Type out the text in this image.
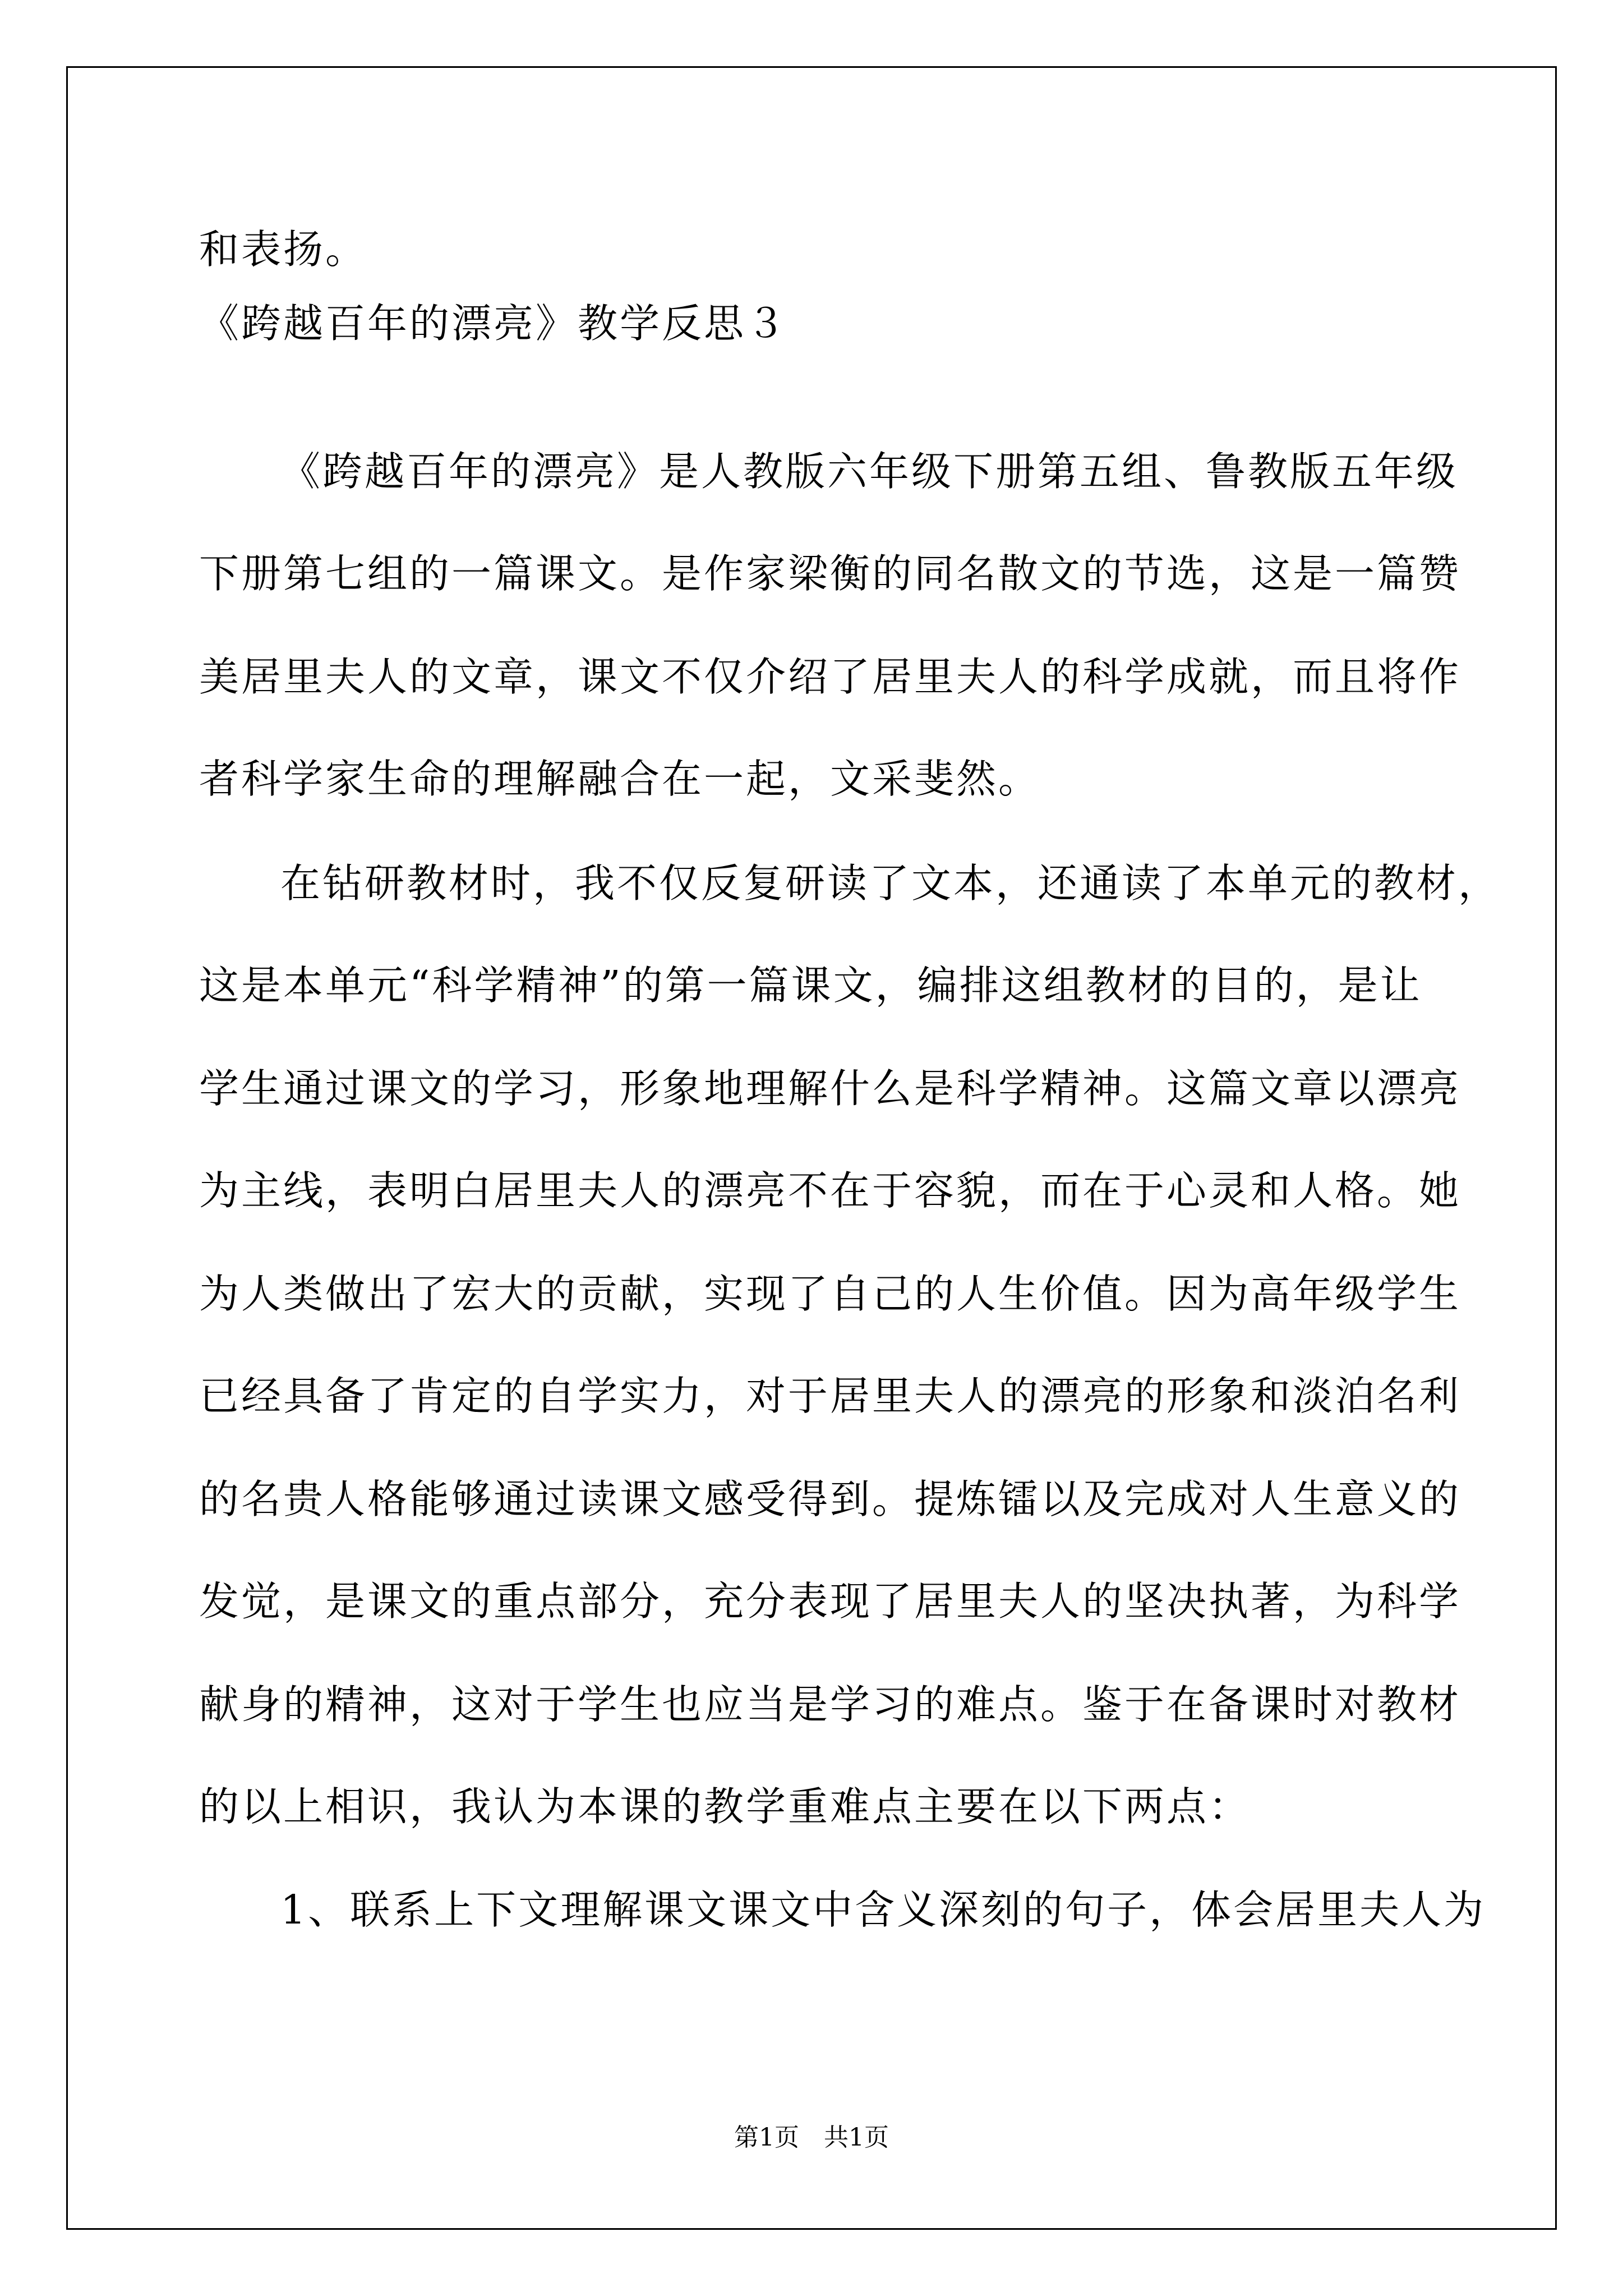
和表扬。

《跨越百年的漂亮》教学反思３

《跨越百年的漂亮》是人教版六年级下册第五组、鲁教版五年级

下册第七组的一篇课文。是作家梁衡的同名散文的节选，这是一篇赞

美居里夫人的文章，课文不仅介绍了居里夫人的科学成就，而且将作

者科学家生命的理解融合在一起，文采斐然。

在钻研教材时，我不仅反复研读了文本，还通读了本单元的教材，

这是本单元“科学精神”的第一篇课文，编排这组教材的目的，是让

学生通过课文的学习，形象地理解什么是科学精神。这篇文章以漂亮

为主线，表明白居里夫人的漂亮不在于容貌，而在于心灵和人格。她

为人类做出了宏大的贡献，实现了自己的人生价值。因为高年级学生

已经具备了肯定的自学实力，对于居里夫人的漂亮的形象和淡泊名利

的名贵人格能够通过读课文感受得到。提炼镭以及完成对人生意义的

发觉，是课文的重点部分，充分表现了居里夫人的坚决执著，为科学

献身的精神，这对于学生也应当是学习的难点。鉴于在备课时对教材

的以上相识，我认为本课的教学重难点主要在以下两点：

1、联系上下文理解课文课文中含义深刻的句子，体会居里夫人为

第1页　共1页
